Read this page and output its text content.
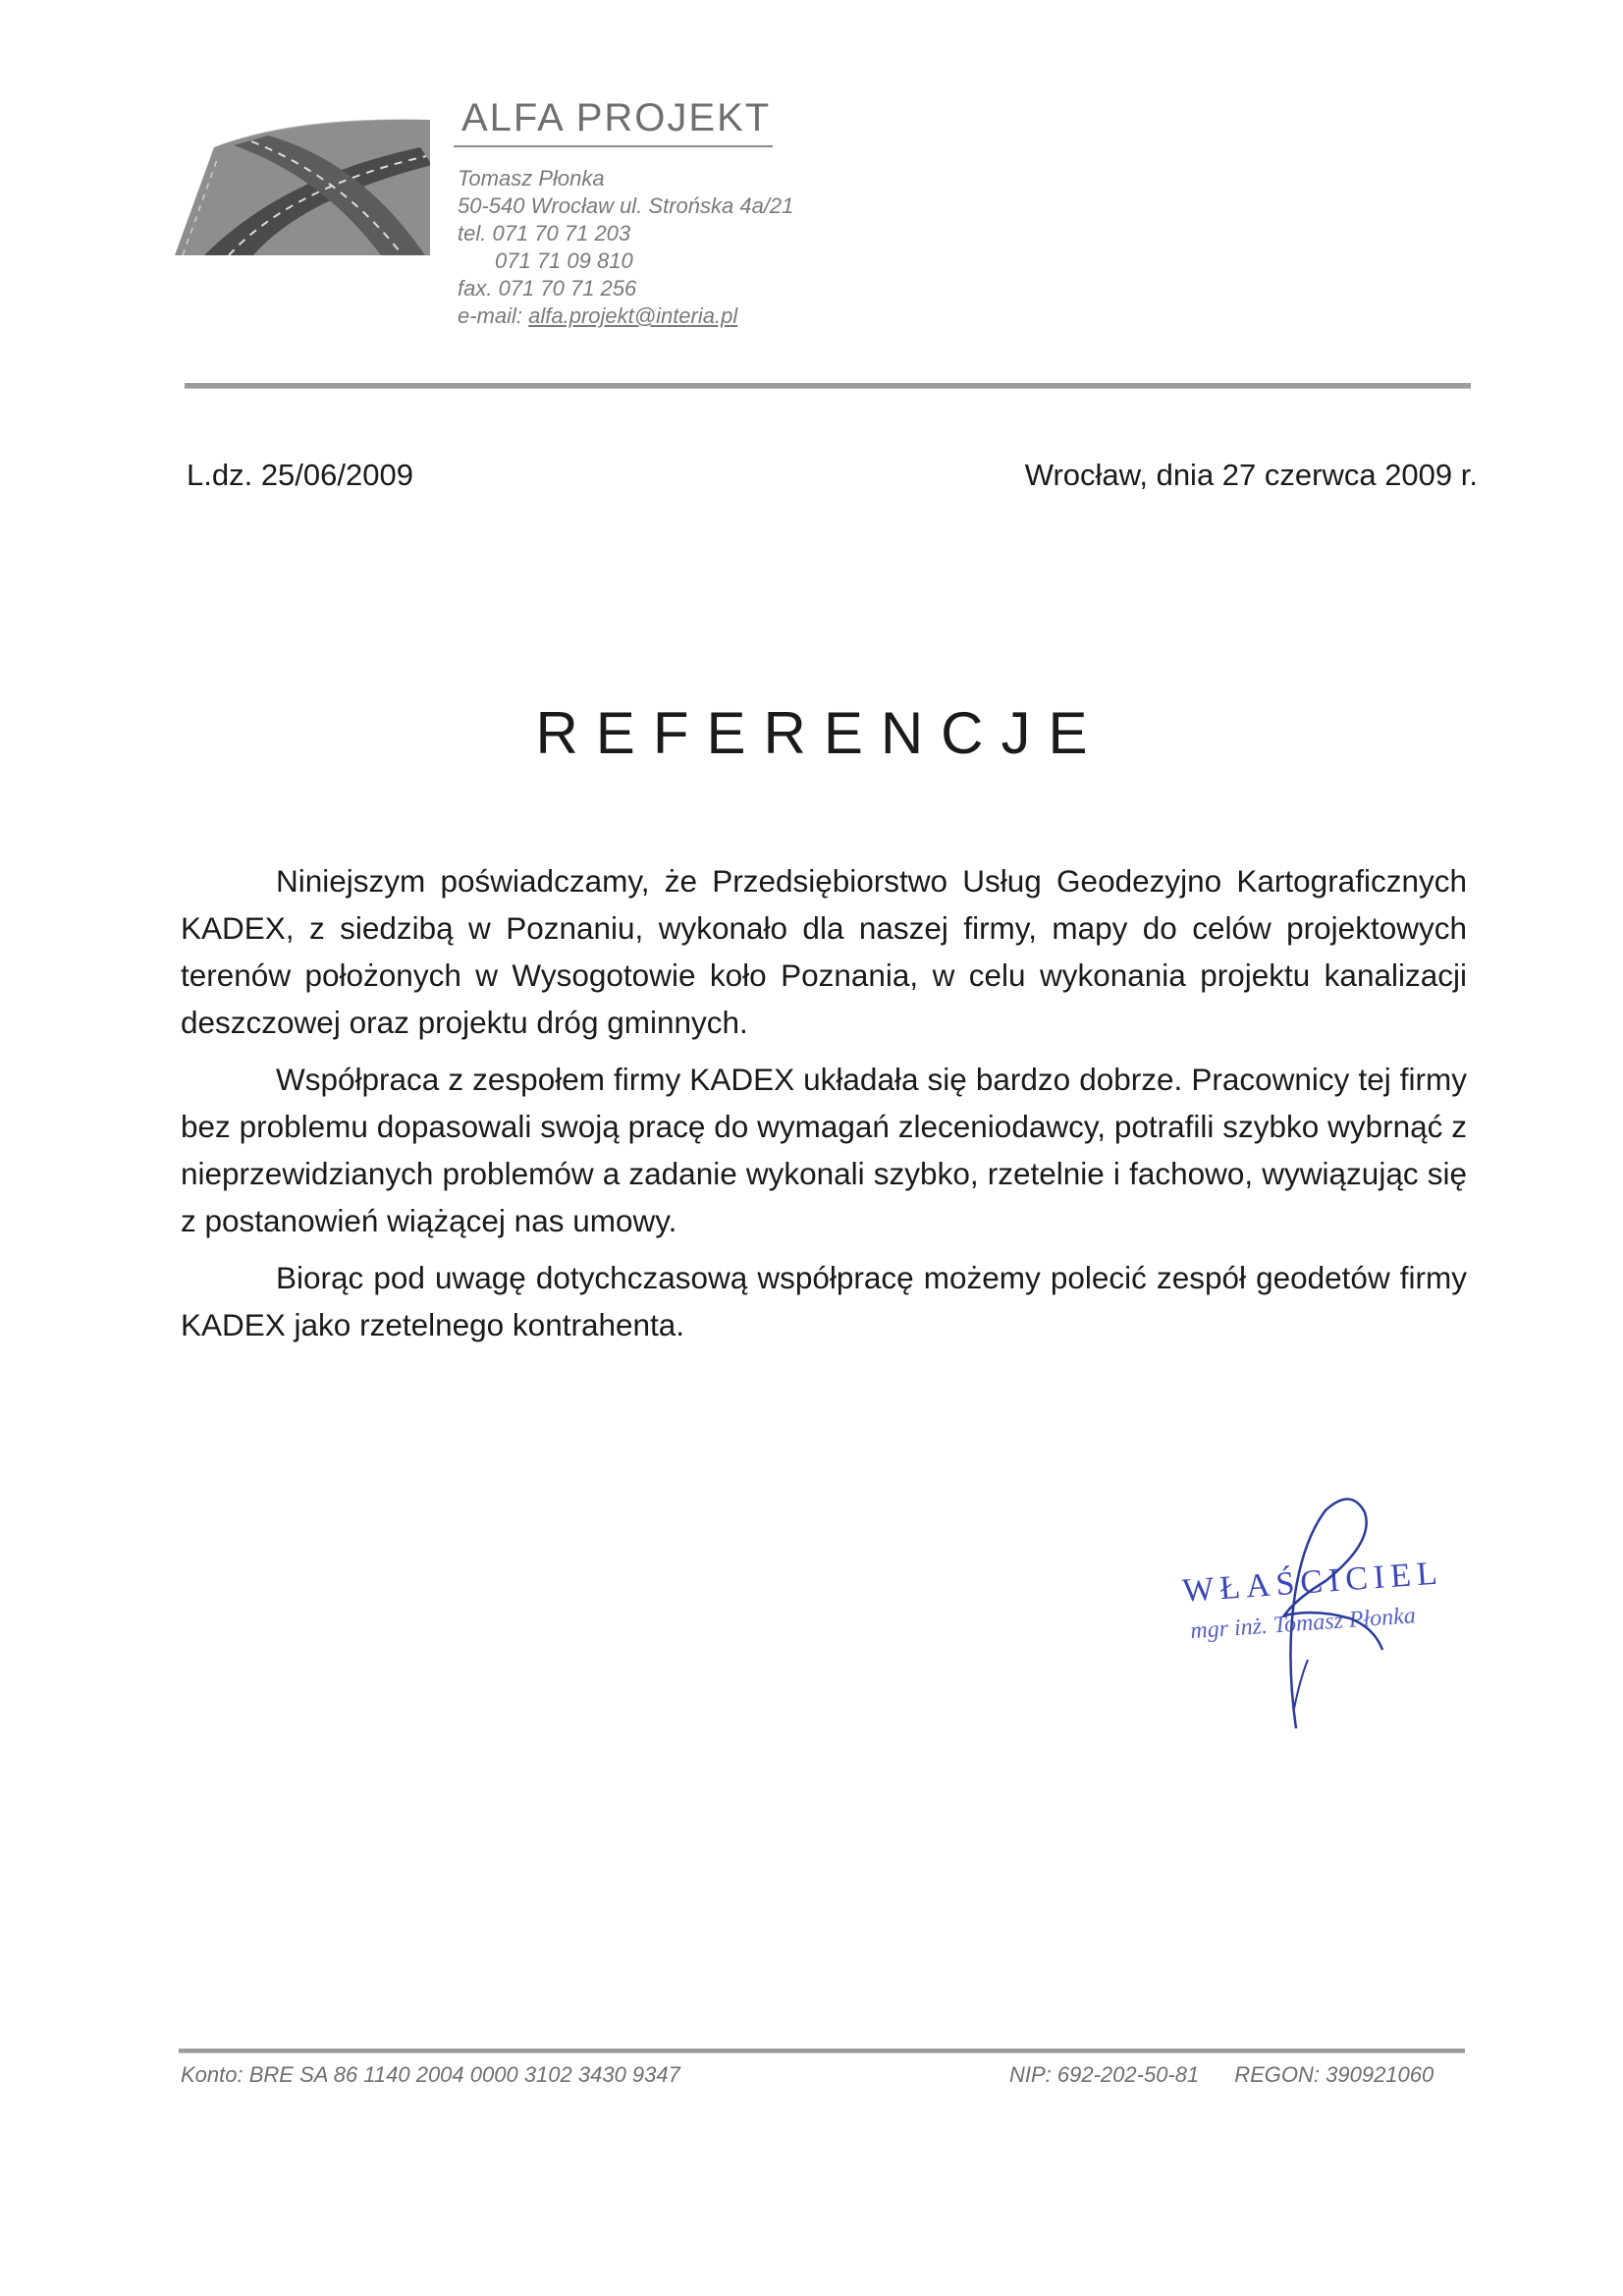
ALFA PROJEKT
Tomasz Płonka
50-540 Wrocław ul. Strońska 4a/21
tel. 071 70 71 203
071 71 09 810
fax. 071 70 71 256
e-mail: alfa.projekt@interia.pl
L.dz. 25/06/2009	Wrocław, dnia 27 czerwca 2009 r.
REFERENCJE

Niniejszym poświadczamy, że Przedsiębiorstwo Usług Geodezyjno Kartograficznych KADEX, z siedzibą w Poznaniu, wykonało dla naszej firmy, mapy do celów projektowych terenów położonych w Wysogotowie koło Poznania, w celu wykonania projektu kanalizacji deszczowej oraz projektu dróg gminnych.

Współpraca z zespołem firmy KADEX układała się bardzo dobrze. Pracownicy tej firmy bez problemu dopasowali swoją pracę do wymagań zleceniodawcy, potrafili szybko wybrnąć z nieprzewidzianych problemów a zadanie wykonali szybko, rzetelnie i fachowo, wywiązując się z postanowień wiążącej nas umowy.

Biorąc pod uwagę dotychczasową współpracę możemy polecić zespół geodetów firmy KADEX jako rzetelnego kontrahenta.

WŁAŚCICIEL
mgr inż. Tomasz Płonka
Konto: BRE SA 86 1140 2004 0000 3102 3430 9347	NIP: 692-202-50-81 REGON: 390921060
